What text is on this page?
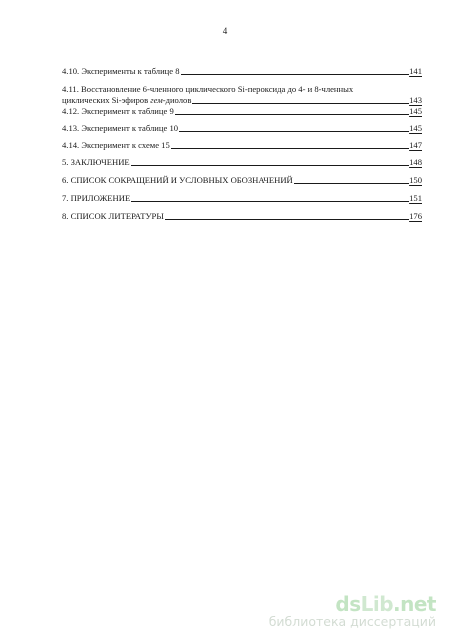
4
4.10. Эксперименты к таблице 8	141
4.11. Восстановление 6-членного циклического Si-пероксида до 4- и 8-членных
циклических Si-эфиров гем-диолов	143
4.12. Эксперимент к таблице 9	145
4.13. Эксперимент к таблице 10	145
4.14. Эксперимент к схеме 15	147
5. ЗАКЛЮЧЕНИЕ	148
6. СПИСОК СОКРАЩЕНИЙ И УСЛОВНЫХ ОБОЗНАЧЕНИЙ	150
7. ПРИЛОЖЕНИЕ	151
8. СПИСОК ЛИТЕРАТУРЫ	176
dsLib.net
библиотека диссертаций
